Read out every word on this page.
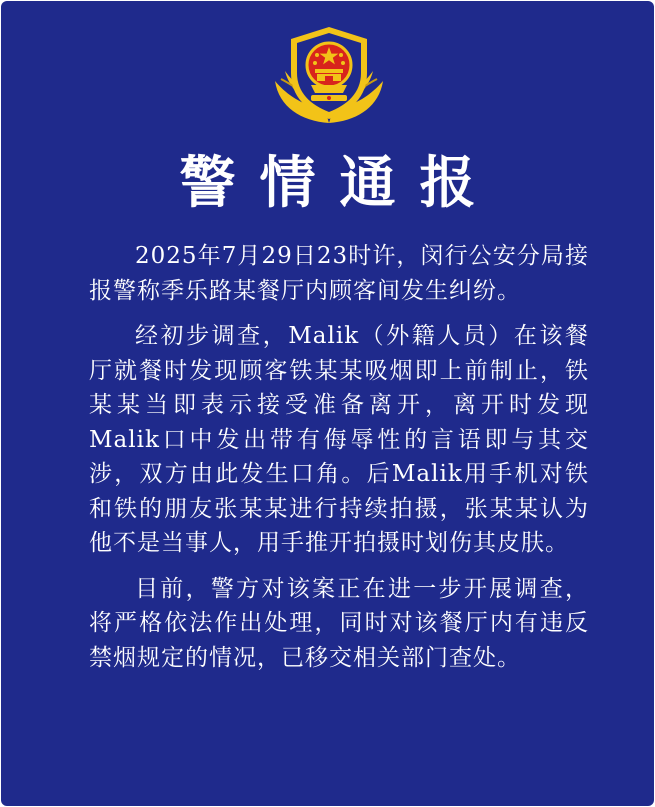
警情通报

2025年7月29日23时许，闵行公安分局接报警称季乐路某餐厅内顾客间发生纠纷。

经初步调查，Malik（外籍人员）在该餐厅就餐时发现顾客铁某某吸烟即上前制止，铁某某当即表示接受准备离开，离开时发现Malik口中发出带有侮辱性的言语即与其交涉，双方由此发生口角。后Malik用手机对铁和铁的朋友张某某进行持续拍摄，张某某认为他不是当事人，用手推开拍摄时划伤其皮肤。

目前，警方对该案正在进一步开展调查，将严格依法作出处理，同时对该餐厅内有违反禁烟规定的情况，已移交相关部门查处。
